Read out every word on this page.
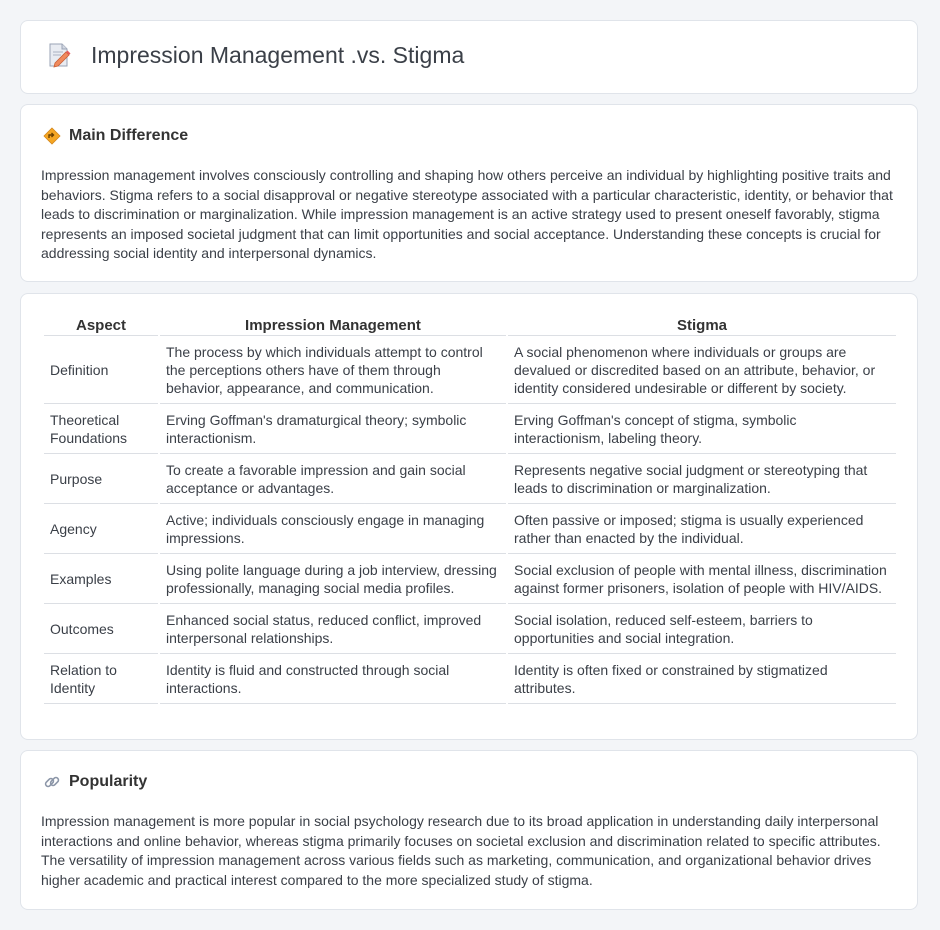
Impression Management .vs. Stigma
Main Difference
Impression management involves consciously controlling and shaping how others perceive an individual by highlighting positive traits and behaviors. Stigma refers to a social disapproval or negative stereotype associated with a particular characteristic, identity, or behavior that leads to discrimination or marginalization. While impression management is an active strategy used to present oneself favorably, stigma represents an imposed societal judgment that can limit opportunities and social acceptance. Understanding these concepts is crucial for addressing social identity and interpersonal dynamics.
Aspect	Impression Management	Stigma
Definition	The process by which individuals attempt to control the perceptions others have of them through behavior, appearance, and communication.	A social phenomenon where individuals or groups are devalued or discredited based on an attribute, behavior, or identity considered undesirable or different by society.
Theoretical Foundations	Erving Goffman's dramaturgical theory; symbolic interactionism.	Erving Goffman's concept of stigma, symbolic interactionism, labeling theory.
Purpose	To create a favorable impression and gain social acceptance or advantages.	Represents negative social judgment or stereotyping that leads to discrimination or marginalization.
Agency	Active; individuals consciously engage in managing impressions.	Often passive or imposed; stigma is usually experienced rather than enacted by the individual.
Examples	Using polite language during a job interview, dressing professionally, managing social media profiles.	Social exclusion of people with mental illness, discrimination against former prisoners, isolation of people with HIV/AIDS.
Outcomes	Enhanced social status, reduced conflict, improved interpersonal relationships.	Social isolation, reduced self-esteem, barriers to opportunities and social integration.
Relation to Identity	Identity is fluid and constructed through social interactions.	Identity is often fixed or constrained by stigmatized attributes.
Popularity
Impression management is more popular in social psychology research due to its broad application in understanding daily interpersonal interactions and online behavior, whereas stigma primarily focuses on societal exclusion and discrimination related to specific attributes. The versatility of impression management across various fields such as marketing, communication, and organizational behavior drives higher academic and practical interest compared to the more specialized study of stigma.
